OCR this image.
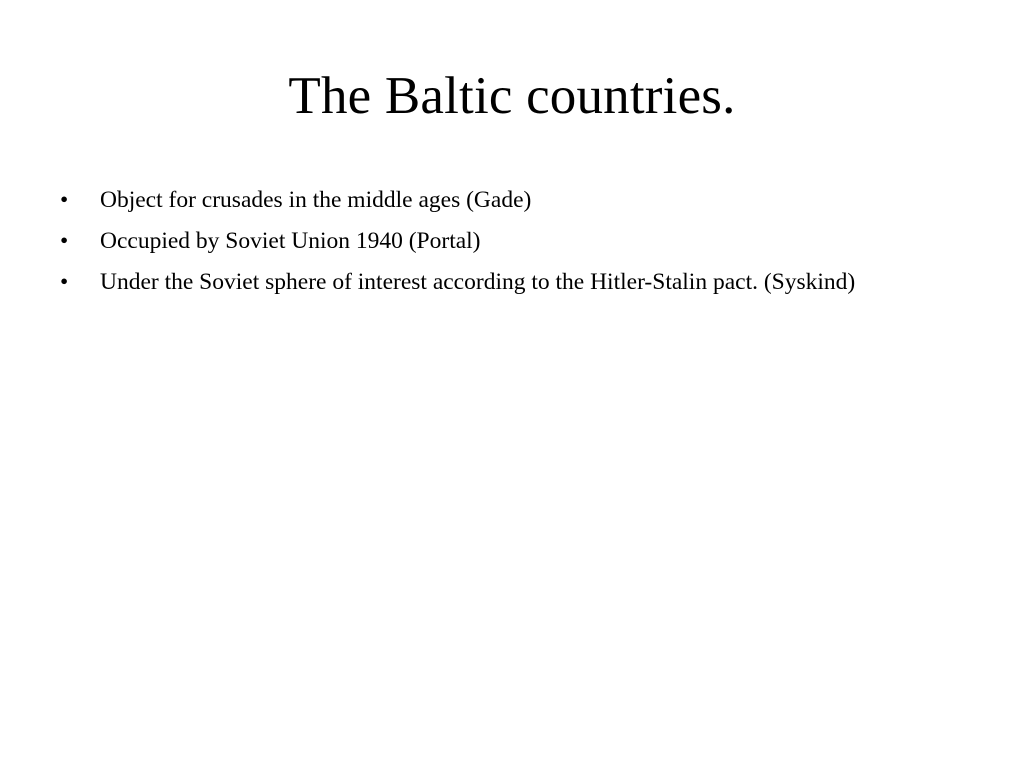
The Baltic countries.
•	Object for crusades in the middle ages (Gade)
•	Occupied by Soviet Union 1940 (Portal)
•	Under the Soviet sphere of interest according to the Hitler-Stalin pact. (Syskind)
